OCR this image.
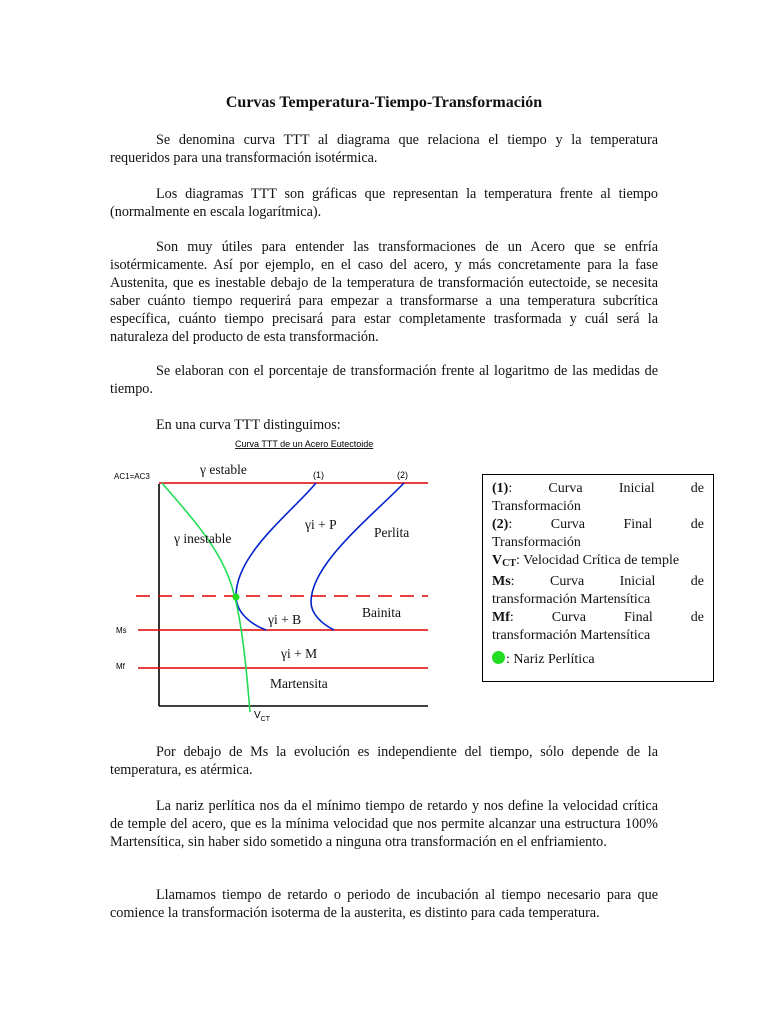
Curvas Temperatura-Tiempo-Transformación

Se denomina curva TTT al diagrama que relaciona el tiempo y la temperatura requeridos para una transformación isotérmica.

Los diagramas TTT son gráficas que representan la temperatura frente al tiempo (normalmente en escala logarítmica).

Son muy útiles para entender las transformaciones de un Acero que se enfría isotérmicamente. Así por ejemplo, en el caso del acero, y más concretamente para la fase Austenita, que es inestable debajo de la temperatura de transformación eutectoide, se necesita saber cuánto tiempo requerirá para empezar a transformarse a una temperatura subcrítica específica, cuánto tiempo precisará para estar completamente trasformada y cuál será la naturaleza del producto de esta transformación.

Se elaboran con el porcentaje de transformación frente al logaritmo de las medidas de tiempo.

En una curva TTT distinguimos:

Curva TTT de un Acero Eutectoide
AC1=AC3
Ms
Mf
(1)	(2)
$V_{CT}$
γ estable
γ inestable
γi + P
Perlita
γi + B	Bainita
γi + M
Martensita
(1): Curva Inicial de
Transformación
(2): Curva Final de
Transformación
$V_{CT}$: Velocidad Crítica de temple
Ms: Curva Inicial de
transformación Martensítica
Mf: Curva Final de
transformación Martensítica
: Nariz Perlítica

Por debajo de Ms la evolución es independiente del tiempo, sólo depende de la temperatura, es atérmica.

La nariz perlítica nos da el mínimo tiempo de retardo y nos define la velocidad crítica de temple del acero, que es la mínima velocidad que nos permite alcanzar una estructura 100% Martensítica, sin haber sido sometido a ninguna otra transformación en el enfriamiento.

Llamamos tiempo de retardo o periodo de incubación al tiempo necesario para que comience la transformación isoterma de la austerita, es distinto para cada temperatura.
